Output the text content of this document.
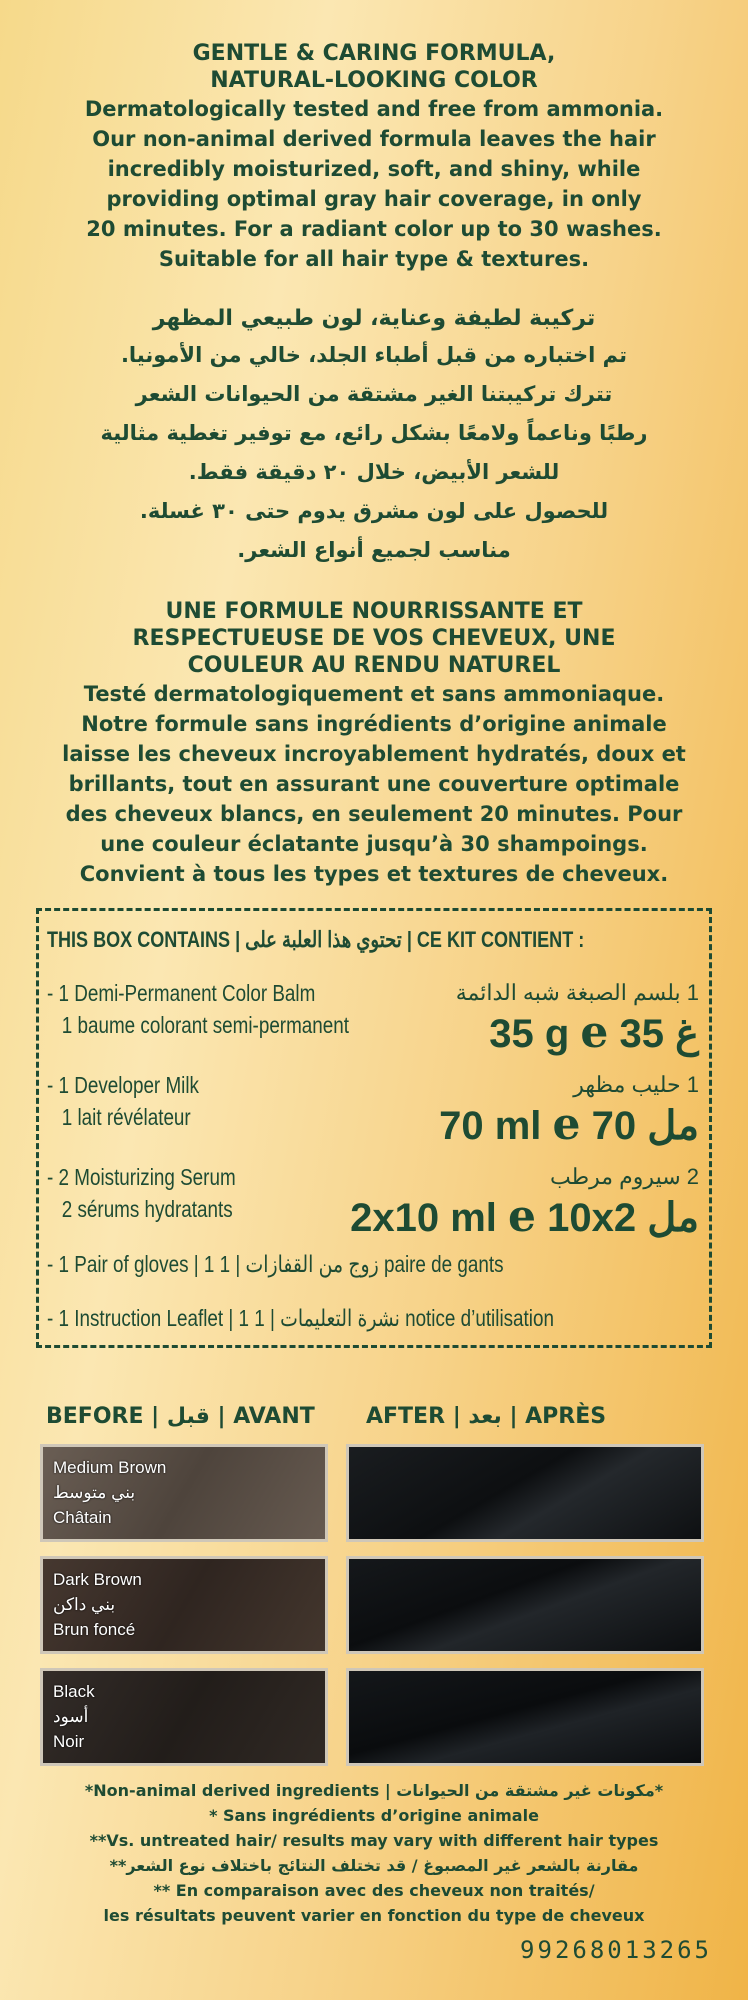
GENTLE & CARING FORMULA,

NATURAL-LOOKING COLOR

Dermatologically tested and free from ammonia.

Our non-animal derived formula leaves the hair

incredibly moisturized, soft, and shiny, while

providing optimal gray hair coverage, in only

20 minutes. For a radiant color up to 30 washes.

Suitable for all hair type & textures.

تركيبة لطيفة وعناية، لون طبيعي المظهر

تم اختباره من قبل أطباء الجلد، خالي من الأمونيا.

تترك تركيبتنا الغير مشتقة من الحيوانات الشعر

رطبًا وناعماً ولامعًا بشكل رائع، مع توفير تغطية مثالية

للشعر الأبيض، خلال ٢٠ دقيقة فقط.

للحصول على لون مشرق يدوم حتى ٣٠ غسلة.

مناسب لجميع أنواع الشعر.

UNE FORMULE NOURRISSANTE ET

RESPECTUEUSE DE VOS CHEVEUX, UNE

COULEUR AU RENDU NATUREL

Testé dermatologiquement et sans ammoniaque.

Notre formule sans ingrédients d’origine animale

laisse les cheveux incroyablement hydratés, doux et

brillants, tout en assurant une couverture optimale

des cheveux blancs, en seulement 20 minutes. Pour

une couleur éclatante jusqu’à 30 shampoings.

Convient à tous les types et textures de cheveux.

THIS BOX CONTAINS | تحتوي هذا العلبة على | CE KIT CONTIENT :
- 1 Demi-Permanent Color Balm
1 baume colorant semi-permanent
1 بلسم الصبغة شبه الدائمة
35 g e 35 غ
- 1 Developer Milk
1 lait révélateur
1 حليب مظهر
70 ml e 70 مل
- 2 Moisturizing Serum
2 sérums hydratants
2 سيروم مرطب
2x10 ml e 10x2 مل
- 1 Pair of gloves | 1 زوج من القفازات | 1 paire de gants
- 1 Instruction Leaflet | 1 نشرة التعليمات | 1 notice d’utilisation
BEFORE | قبل | AVANT AFTER | بعد | APRÈS
Medium Brown
بني متوسط
Châtain
Dark Brown
بني داكن
Brun foncé
Black
أسود
Noir
*Non-animal derived ingredients | مكونات غير مشتقة من الحيوانات*
* Sans ingrédients d’origine animale
**Vs. untreated hair/ results may vary with different hair types
مقارنة بالشعر غير المصبوغ / قد تختلف النتائج باختلاف نوع الشعر**
** En comparaison avec des cheveux non traités/
les résultats peuvent varier en fonction du type de cheveux
99268013265
